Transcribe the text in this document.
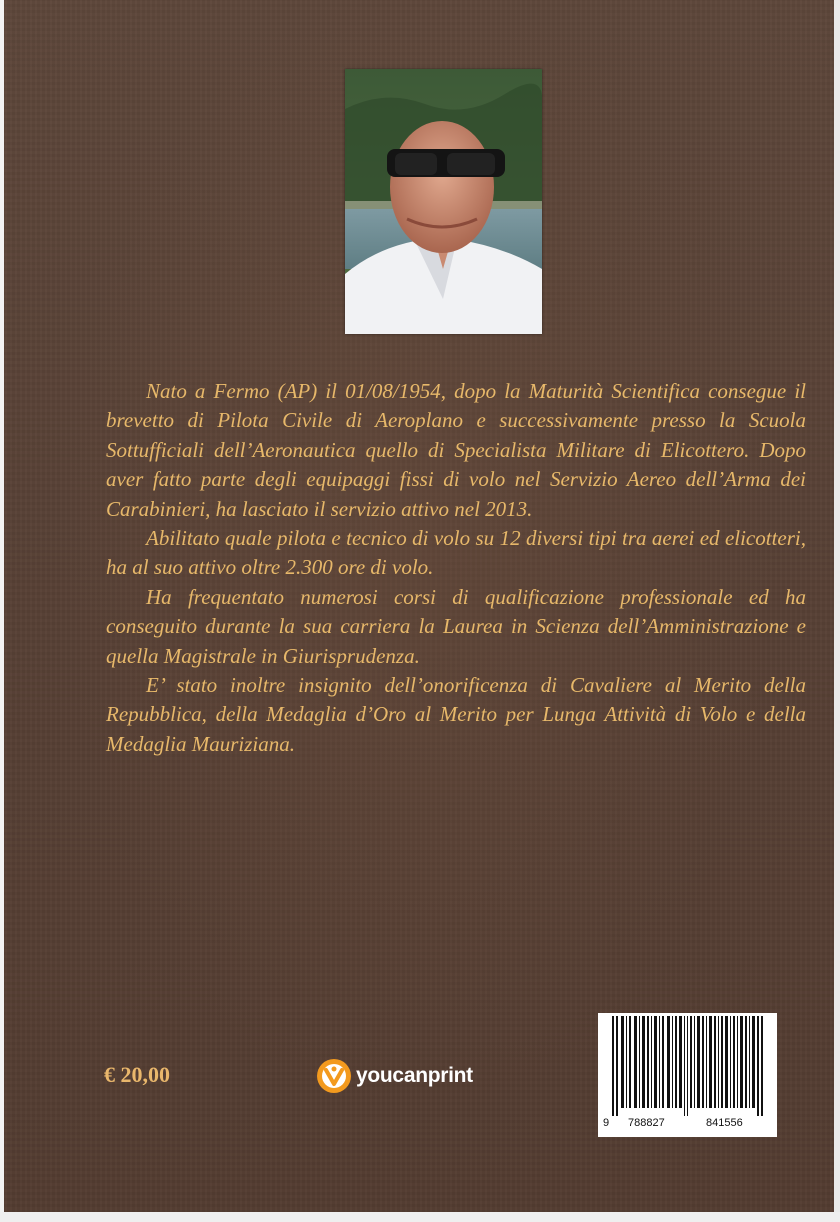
Nato a Fermo (AP) il 01/08/1954, dopo la Maturità Scientifica consegue il brevetto di Pilota Civile di Aeroplano e successivamente presso la Scuola Sottufficiali dell’Aeronautica quello di Specialista Militare di Elicottero. Dopo aver fatto parte degli equipaggi fissi di volo nel Servizio Aereo dell’Arma dei Carabinieri, ha lasciato il servizio attivo nel 2013.

Abilitato quale pilota e tecnico di volo su 12 diversi tipi tra aerei ed elicotteri, ha al suo attivo oltre 2.300 ore di volo.

Ha frequentato numerosi corsi di qualificazione professionale ed ha conseguito durante la sua carriera la Laurea in Scienza dell’Amministrazione e quella Magistrale in Giurisprudenza.

E’ stato inoltre insignito dell’onorificenza di Cavaliere al Merito della Repubblica, della Medaglia d’Oro al Merito per Lunga Attività di Volo e della Medaglia Mauriziana.

€ 20,00	youcanprint
9 788827	841556
